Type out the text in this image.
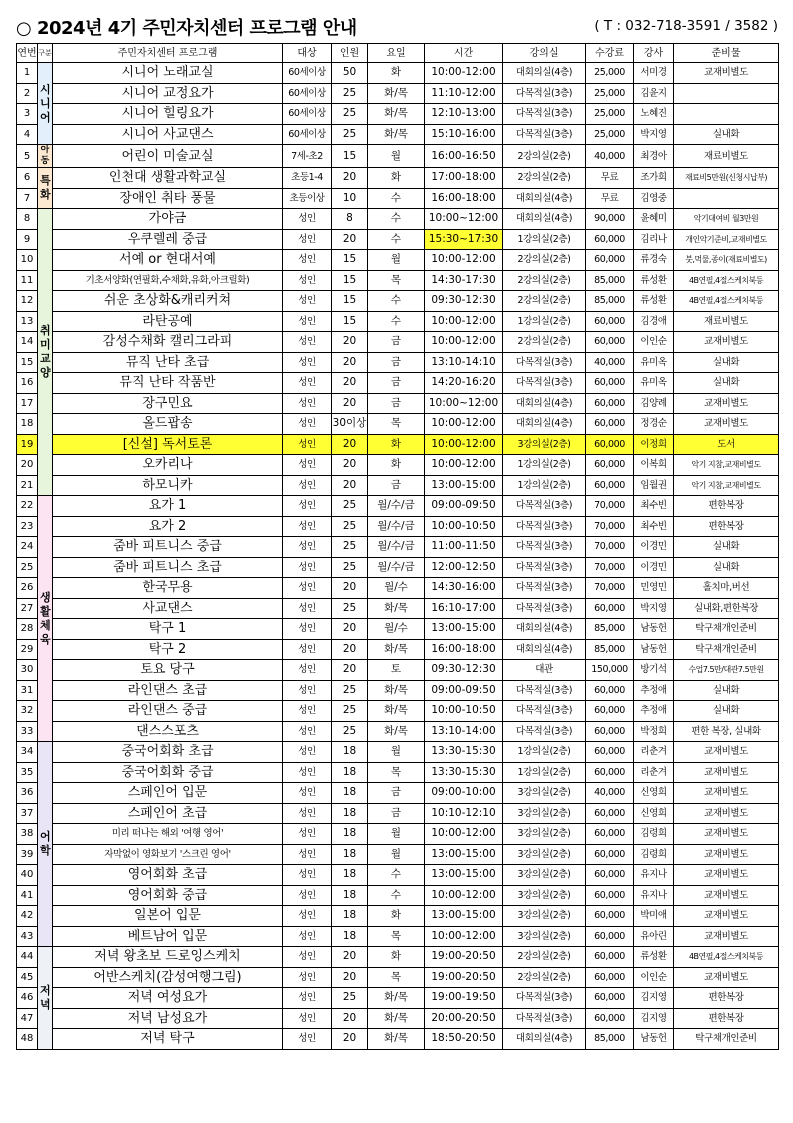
○ 2024년 4기 주민자치센터 프로그램 안내	( T : 032-718-3591 / 3582 )
연번	구분	주민자치센터 프로그램	대상	인원	요일	시간	강의실	수강료	강사	준비물
1	시니어	시니어 노래교실	60세이상	50	화	10:00-12:00	대회의실(4층)	25,000	서미경	교재비별도
2		시니어 교정요가	60세이상	25	화/목	11:10-12:00	다목적실(3층)	25,000	김윤지	
3		시니어 힐링요가	60세이상	25	화/목	12:10-13:00	다목적실(3층)	25,000	노혜진	
4		시니어 사교댄스	60세이상	25	화/목	15:10-16:00	다목적실(3층)	25,000	박지영	실내화
5	아동	어린이 미술교실	7세-초2	15	월	16:00-16:50	2강의실(2층)	40,000	최경아	재료비별도
6	특화	인천대 생활과학교실	초등1-4	20	화	17:00-18:00	2강의실(2층)	무료	조가희	재료비5만원(신청시납부)
7		장애인 취타 풍물	초등이상	10	수	16:00-18:00	대회의실(4층)	무료	김영중	
8	취미교양	가야금	성인	8	수	10:00~12:00	대회의실(4층)	90,000	윤혜미	악기대여비 월3만원
9		우쿠렐레 중급	성인	20	수	15:30~17:30	1강의실(2층)	60,000	김리나	개인악기준비,교재비별도
10		서예 or 현대서예	성인	15	월	10:00-12:00	2강의실(2층)	60,000	류경숙	붓,먹물,종이(재료비별도)
11		기초서양화(연필화,수채화,유화,아크릴화)	성인	15	목	14:30-17:30	2강의실(2층)	85,000	류성환	4B연필,4절스케치북등
12		쉬운 초상화&캐리커쳐	성인	15	수	09:30-12:30	2강의실(2층)	85,000	류성환	4B연필,4절스케치북등
13		라탄공예	성인	15	수	10:00-12:00	1강의실(2층)	60,000	김경애	재료비별도
14		감성수채화 캘리그라피	성인	20	금	10:00-12:00	2강의실(2층)	60,000	이인순	교재비별도
15		뮤직 난타 초급	성인	20	금	13:10-14:10	다목적실(3층)	40,000	유미옥	실내화
16		뮤직 난타 작품반	성인	20	금	14:20-16:20	다목적실(3층)	60,000	유미옥	실내화
17		장구민요	성인	20	금	10:00~12:00	대회의실(4층)	60,000	김양례	교재비별도
18		올드팝송	성인	30이상	목	10:00-12:00	대회의실(4층)	60,000	정경순	교재비별도
19		[신설] 독서토론	성인	20	화	10:00-12:00	3강의실(2층)	60,000	이정희	도서
20		오카리나	성인	20	화	10:00-12:00	1강의실(2층)	60,000	이복희	악기 지참,교재비별도
21		하모니카	성인	20	금	13:00-15:00	1강의실(2층)	60,000	임월권	악기 지참,교재비별도
22	생활체육	요가 1	성인	25	월/수/금	09:00-09:50	다목적실(3층)	70,000	최수빈	편한복장
23		요가 2	성인	25	월/수/금	10:00-10:50	다목적실(3층)	70,000	최수빈	편한복장
24		줌바 피트니스 중급	성인	25	월/수/금	11:00-11:50	다목적실(3층)	70,000	이경민	실내화
25		줌바 피트니스 초급	성인	25	월/수/금	12:00-12:50	다목적실(3층)	70,000	이경민	실내화
26		한국무용	성인	20	월/수	14:30-16:00	다목적실(3층)	70,000	민영민	홀치마,버선
27		사교댄스	성인	25	화/목	16:10-17:00	다목적실(3층)	60,000	박지영	실내화,편한복장
28		탁구 1	성인	20	월/수	13:00-15:00	대회의실(4층)	85,000	남동헌	탁구채개인준비
29		탁구 2	성인	20	화/목	16:00-18:00	대회의실(4층)	85,000	남동헌	탁구채개인준비
30		토요 당구	성인	20	토	09:30-12:30	대관	150,000	방기석	수업7.5만/대관7.5만원
31		라인댄스 초급	성인	25	화/목	09:00-09:50	다목적실(3층)	60,000	추정애	실내화
32		라인댄스 중급	성인	25	화/목	10:00-10:50	다목적실(3층)	60,000	추정애	실내화
33		댄스스포츠	성인	25	화/목	13:10-14:00	다목적실(3층)	60,000	박정희	편한 복장, 실내화
34	어학	중국어회화 초급	성인	18	월	13:30-15:30	1강의실(2층)	60,000	리춘겨	교재비별도
35		중국어회화 중급	성인	18	목	13:30-15:30	1강의실(2층)	60,000	리춘겨	교재비별도
36		스페인어 입문	성인	18	금	09:00-10:00	3강의실(2층)	40,000	신영희	교재비별도
37		스페인어 초급	성인	18	금	10:10-12:10	3강의실(2층)	60,000	신영희	교재비별도
38		미리 떠나는 해외 '여행 영어'	성인	18	월	10:00-12:00	3강의실(2층)	60,000	김령희	교재비별도
39		자막없이 영화보기 '스크린 영어'	성인	18	월	13:00-15:00	3강의실(2층)	60,000	김령희	교재비별도
40		영어회화 초급	성인	18	수	13:00-15:00	3강의실(2층)	60,000	유지나	교재비별도
41		영어회화 중급	성인	18	수	10:00-12:00	3강의실(2층)	60,000	유지나	교재비별도
42		일본어 입문	성인	18	화	13:00-15:00	3강의실(2층)	60,000	박미애	교재비별도
43		베트남어 입문	성인	18	목	10:00-12:00	3강의실(2층)	60,000	유아린	교재비별도
44	저녁	저녁 왕초보 드로잉스케치	성인	20	화	19:00-20:50	2강의실(2층)	60,000	류성환	4B연필,4절스케치북등
45		어반스케치(감성여행그림)	성인	20	목	19:00-20:50	2강의실(2층)	60,000	이인순	교재비별도
46		저녁 여성요가	성인	25	화/목	19:00-19:50	다목적실(3층)	60,000	김지영	편한복장
47		저녁 남성요가	성인	20	화/목	20:00-20:50	다목적실(3층)	60,000	김지영	편한복장
48		저녁 탁구	성인	20	화/목	18:50-20:50	대회의실(4층)	85,000	남동헌	탁구채개인준비
